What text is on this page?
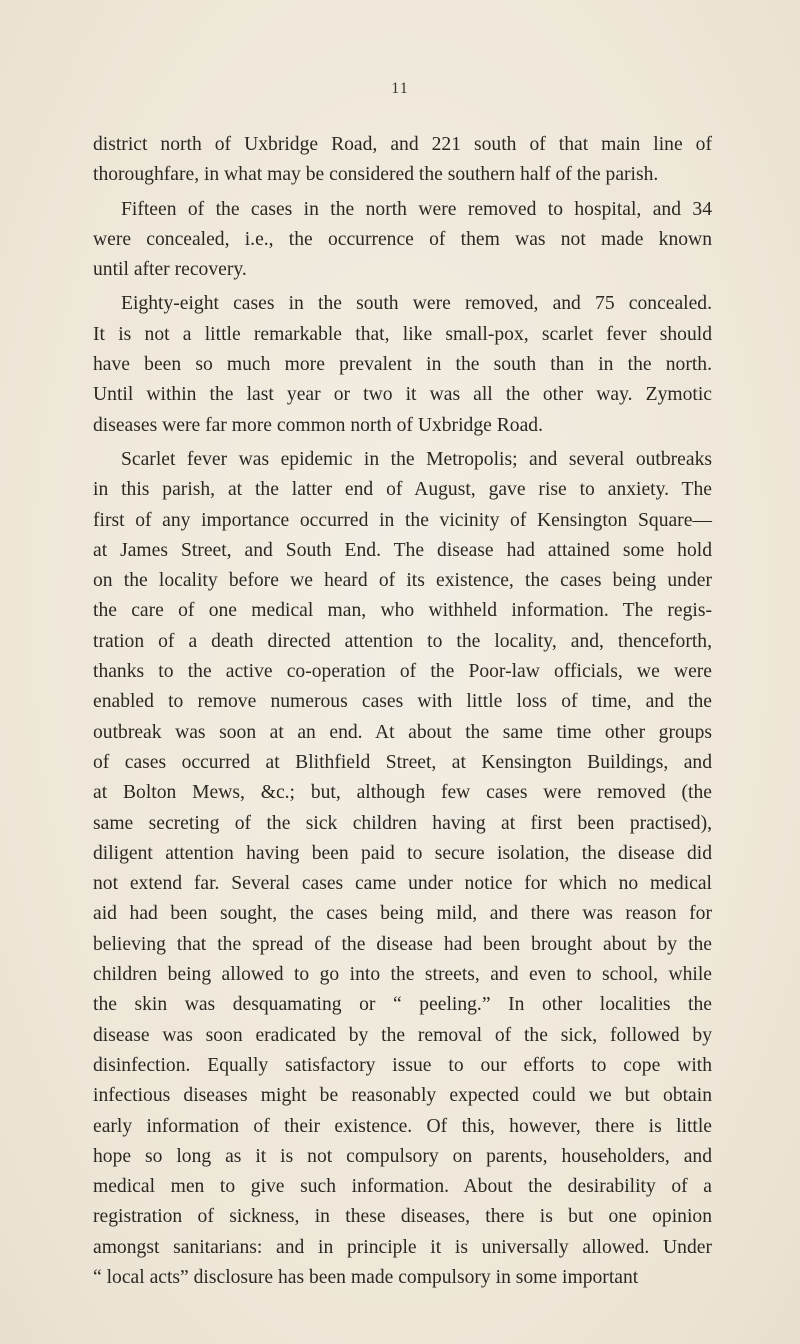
11
district north of Uxbridge Road, and 221 south of that main line of
thoroughfare, in what may be considered the southern half of the parish.
Fifteen of the cases in the north were removed to hospital, and 34
were concealed, i.e., the occurrence of them was not made known
until after recovery.
Eighty-eight cases in the south were removed, and 75 concealed.
It is not a little remarkable that, like small-pox, scarlet fever should
have been so much more prevalent in the south than in the north.
Until within the last year or two it was all the other way. Zymotic
diseases were far more common north of Uxbridge Road.
Scarlet fever was epidemic in the Metropolis; and several outbreaks
in this parish, at the latter end of August, gave rise to anxiety. The
first of any importance occurred in the vicinity of Kensington Square—
at James Street, and South End. The disease had attained some hold
on the locality before we heard of its existence, the cases being under
the care of one medical man, who withheld information. The regis-
tration of a death directed attention to the locality, and, thenceforth,
thanks to the active co-operation of the Poor-law officials, we were
enabled to remove numerous cases with little loss of time, and the
outbreak was soon at an end. At about the same time other groups
of cases occurred at Blithfield Street, at Kensington Buildings, and
at Bolton Mews, &c.; but, although few cases were removed (the
same secreting of the sick children having at first been practised),
diligent attention having been paid to secure isolation, the disease did
not extend far. Several cases came under notice for which no medical
aid had been sought, the cases being mild, and there was reason for
believing that the spread of the disease had been brought about by the
children being allowed to go into the streets, and even to school, while
the skin was desquamating or “ peeling.” In other localities the
disease was soon eradicated by the removal of the sick, followed by
disinfection. Equally satisfactory issue to our efforts to cope with
infectious diseases might be reasonably expected could we but obtain
early information of their existence. Of this, however, there is little
hope so long as it is not compulsory on parents, householders, and
medical men to give such information. About the desirability of a
registration of sickness, in these diseases, there is but one opinion
amongst sanitarians: and in principle it is universally allowed. Under
“ local acts” disclosure has been made compulsory in some important
